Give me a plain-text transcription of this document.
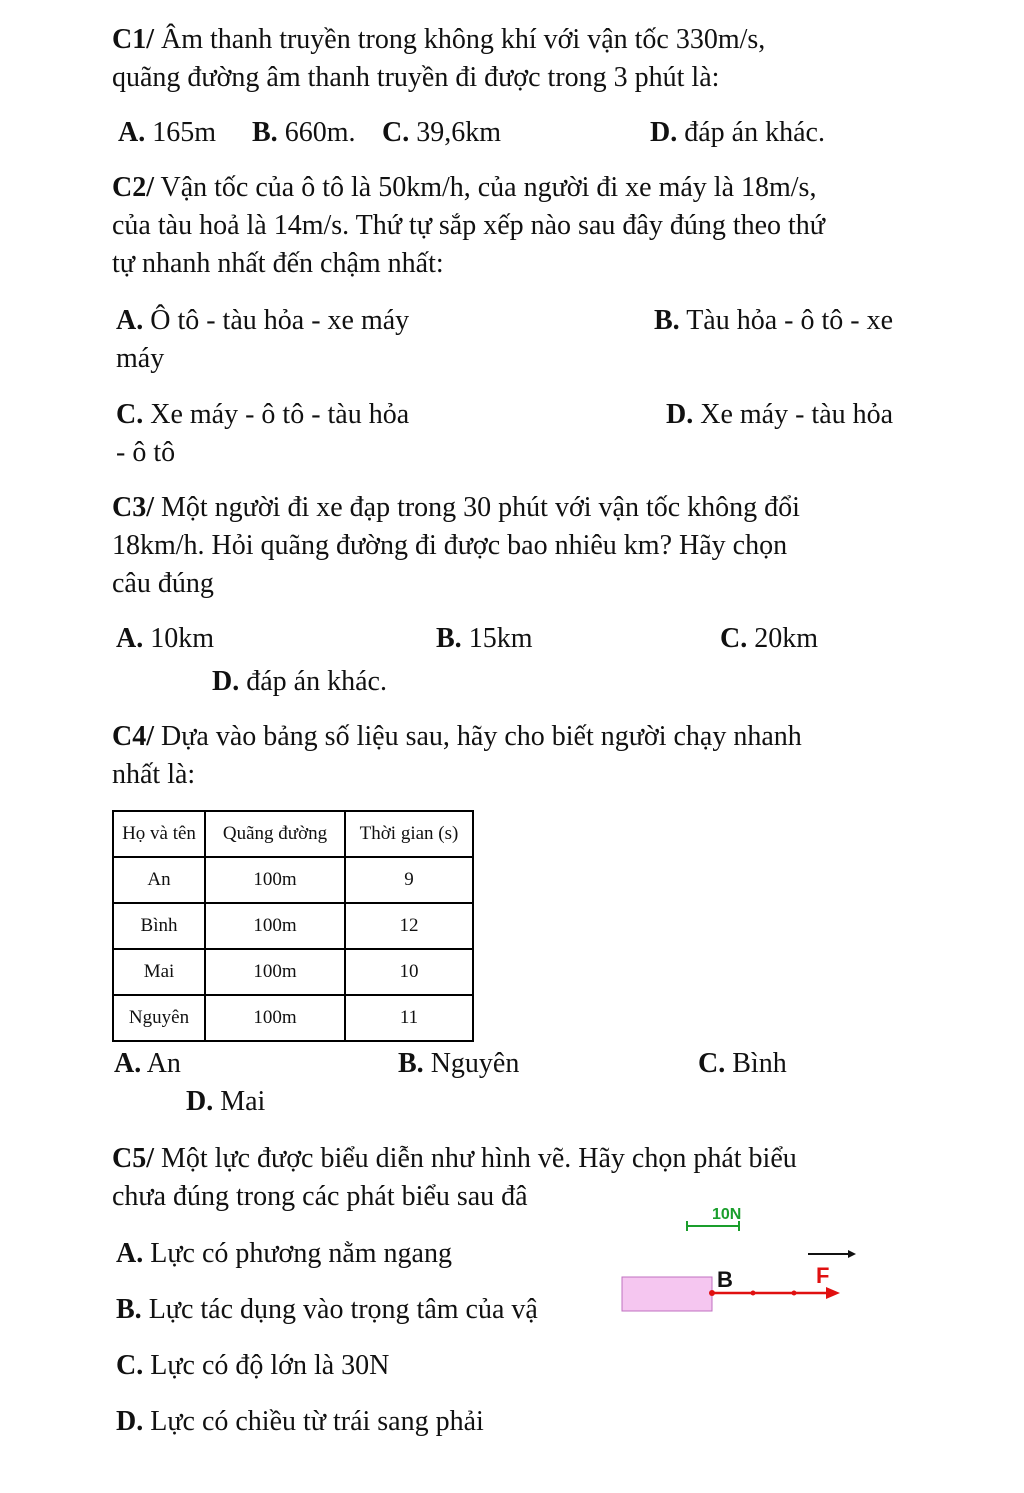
C1/ Âm thanh truyền trong không khí với vận tốc 330m/s,
quãng đường âm thanh truyền đi được trong 3 phút là:
A. 165m B. 660m. C. 39,6km	D. đáp án khác.
C2/ Vận tốc của ô tô là 50km/h, của người đi xe máy là 18m/s,
của tàu hoả là 14m/s. Thứ tự sắp xếp nào sau đây đúng theo thứ
tự nhanh nhất đến chậm nhất:
A. Ô tô - tàu hỏa - xe máy	B. Tàu hỏa - ô tô - xe
máy
C. Xe máy - ô tô - tàu hỏa	D. Xe máy - tàu hỏa
- ô tô
C3/ Một người đi xe đạp trong 30 phút với vận tốc không đổi
18km/h. Hỏi quãng đường đi được bao nhiêu km? Hãy chọn
câu đúng
A. 10km	B. 15km	C. 20km
D. đáp án khác.
C4/ Dựa vào bảng số liệu sau, hãy cho biết người chạy nhanh
nhất là:
Họ và tên	Quãng đường	Thời gian (s)
An	100m	9
Bình	100m	12
Mai	100m	10
Nguyên	100m	11
A. An	B. Nguyên	C. Bình
D. Mai
C5/ Một lực được biểu diễn như hình vẽ. Hãy chọn phát biểu
chưa đúng trong các phát biểu sau đâ
A. Lực có phương nằm ngang
B. Lực tác dụng vào trọng tâm của vậ
C. Lực có độ lớn là 30N
D. Lực có chiều từ trái sang phải
10N
B	F
